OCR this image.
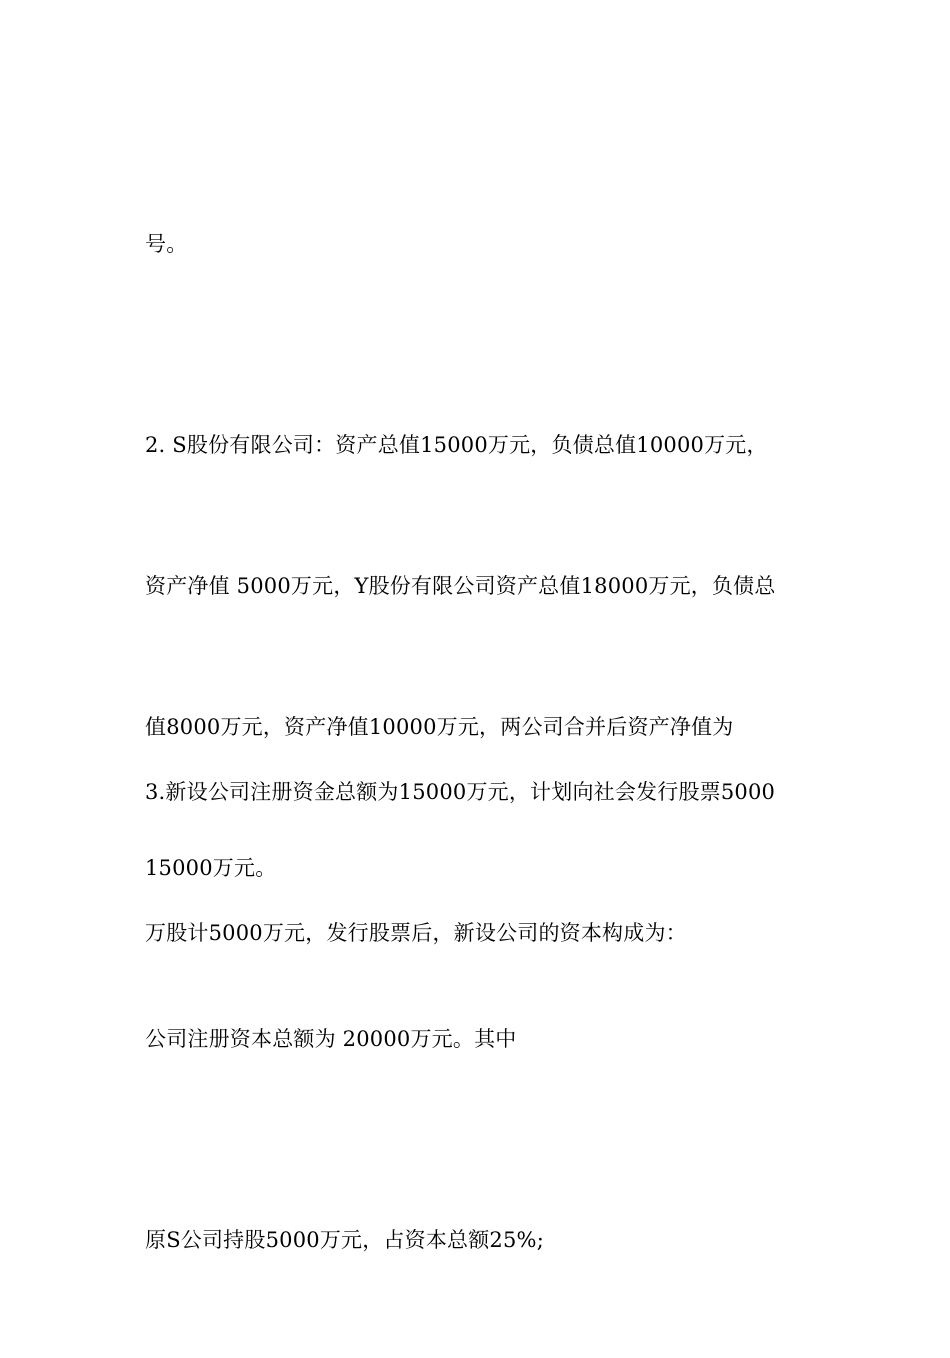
号。

2. S股份有限公司：资产总值15000万元，负债总值10000万元，

资产净值 5000万元，Y股份有限公司资产总值18000万元，负债总

值8000万元，资产净值10000万元，两公司合并后资产净值为

15000万元。

3.新设公司注册资金总额为15000万元，计划向社会发行股票5000

万股计5000万元，发行股票后，新设公司的资本构成为：

公司注册资本总额为 20000万元。其中

原S公司持股5000万元，占资本总额25%;
